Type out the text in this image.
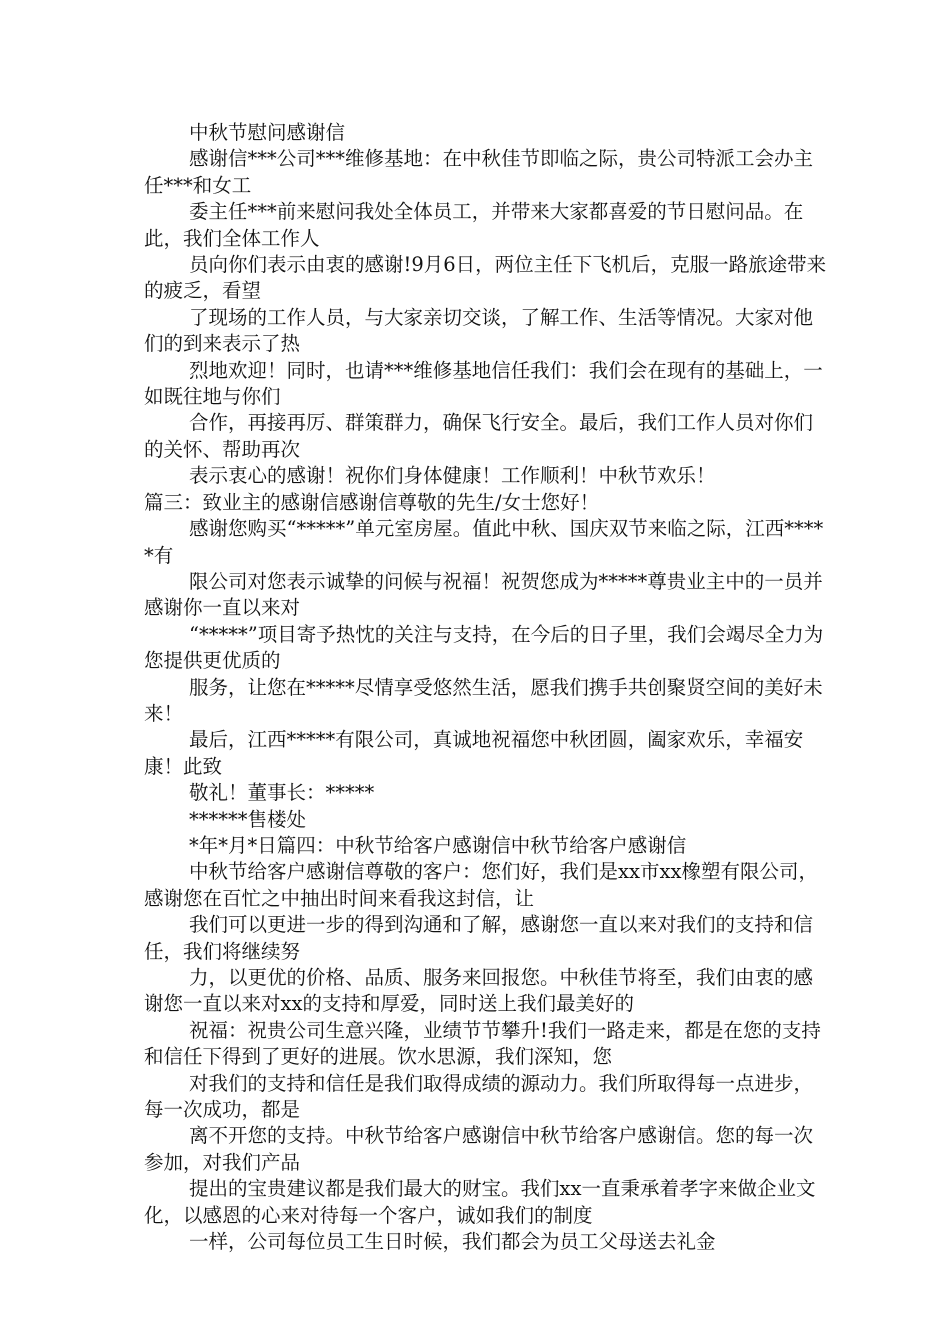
中秋节慰问感谢信

感谢信***公司***维修基地：在中秋佳节即临之际，贵公司特派工会办主任***和女工

委主任***前来慰问我处全体员工，并带来大家都喜爱的节日慰问品。在此，我们全体工作人

员向你们表示由衷的感谢!9月6日，两位主任下飞机后，克服一路旅途带来的疲乏，看望

了现场的工作人员，与大家亲切交谈，了解工作、生活等情况。大家对他们的到来表示了热

烈地欢迎！同时，也请***维修基地信任我们：我们会在现有的基础上，一如既往地与你们

合作，再接再厉、群策群力，确保飞行安全。最后，我们工作人员对你们的关怀、帮助再次

表示衷心的感谢！祝你们身体健康！工作顺利！中秋节欢乐！

篇三：致业主的感谢信感谢信尊敬的先生/女士您好！

感谢您购买“*****”单元室房屋。值此中秋、国庆双节来临之际，江西*****有

限公司对您表示诚挚的问候与祝福！祝贺您成为*****尊贵业主中的一员并感谢你一直以来对

“*****”项目寄予热忱的关注与支持，在今后的日子里，我们会竭尽全力为您提供更优质的

服务，让您在*****尽情享受悠然生活，愿我们携手共创聚贤空间的美好未来！

最后，江西*****有限公司，真诚地祝福您中秋团圆，阖家欢乐，幸福安康！此致

敬礼！董事长：*****

******售楼处

*年*月*日篇四：中秋节给客户感谢信中秋节给客户感谢信

中秋节给客户感谢信尊敬的客户：您们好，我们是xx市xx橡塑有限公司，感谢您在百忙之中抽出时间来看我这封信，让

我们可以更进一步的得到沟通和了解，感谢您一直以来对我们的支持和信任，我们将继续努

力，以更优的价格、品质、服务来回报您。中秋佳节将至，我们由衷的感谢您一直以来对xx的支持和厚爱，同时送上我们最美好的

祝福：祝贵公司生意兴隆，业绩节节攀升!我们一路走来，都是在您的支持和信任下得到了更好的进展。饮水思源，我们深知，您

对我们的支持和信任是我们取得成绩的源动力。我们所取得每一点进步，每一次成功，都是

离不开您的支持。中秋节给客户感谢信中秋节给客户感谢信。您的每一次参加，对我们产品

提出的宝贵建议都是我们最大的财宝。我们xx一直秉承着孝字来做企业文化，以感恩的心来对待每一个客户，诚如我们的制度

一样，公司每位员工生日时候，我们都会为员工父母送去礼金
